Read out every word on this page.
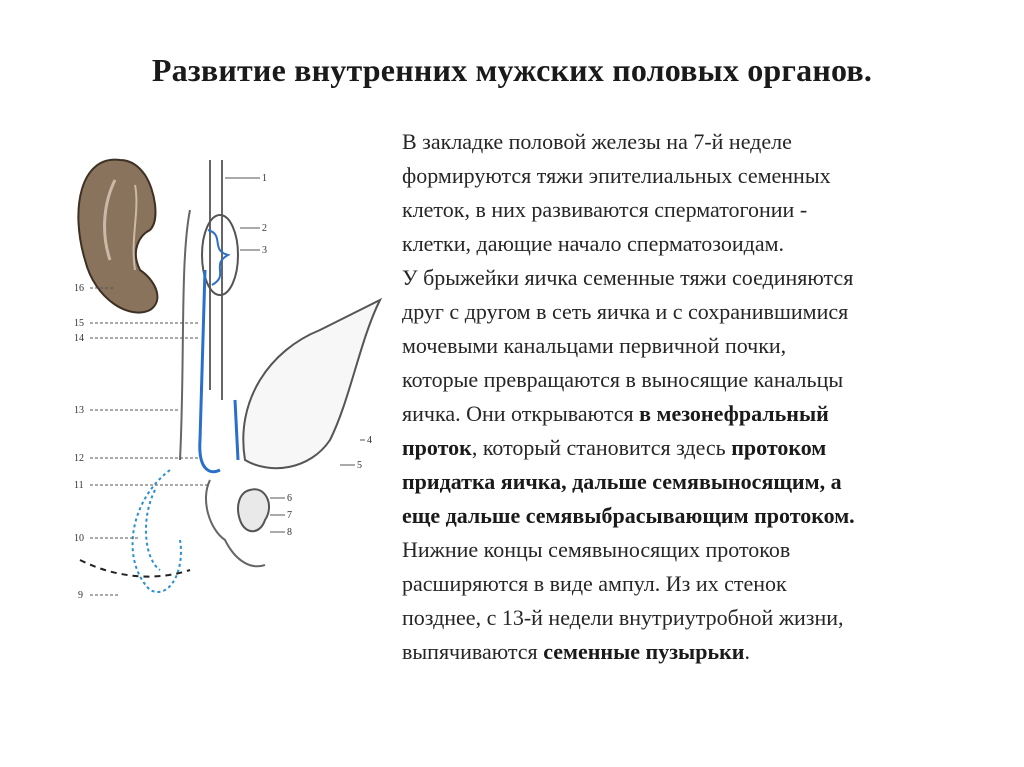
Развитие внутренних мужских половых органов.
1
2
3
4
5
6
7
8
16
15
14
13
12
11
10
9
В закладке половой железы на 7-й неделе
формируются тяжи эпителиальных семенных
клеток, в них развиваются сперматогонии -
клетки, дающие начало сперматозоидам.
У брыжейки яичка семенные тяжи соединяются
друг с другом в сеть яичка и с сохранившимися
мочевыми канальцами первичной почки,
которые превращаются в выносящие канальцы
яичка. Они открываются в мезонефральный
проток, который становится здесь протоком
придатка яичка, дальше семявыносящим, а
еще дальше семявыбрасывающим протоком.
Нижние концы семявыносящих протоков
расширяются в виде ампул. Из их стенок
позднее, с 13-й недели внутриутробной жизни,
выпячиваются семенные пузырьки.
